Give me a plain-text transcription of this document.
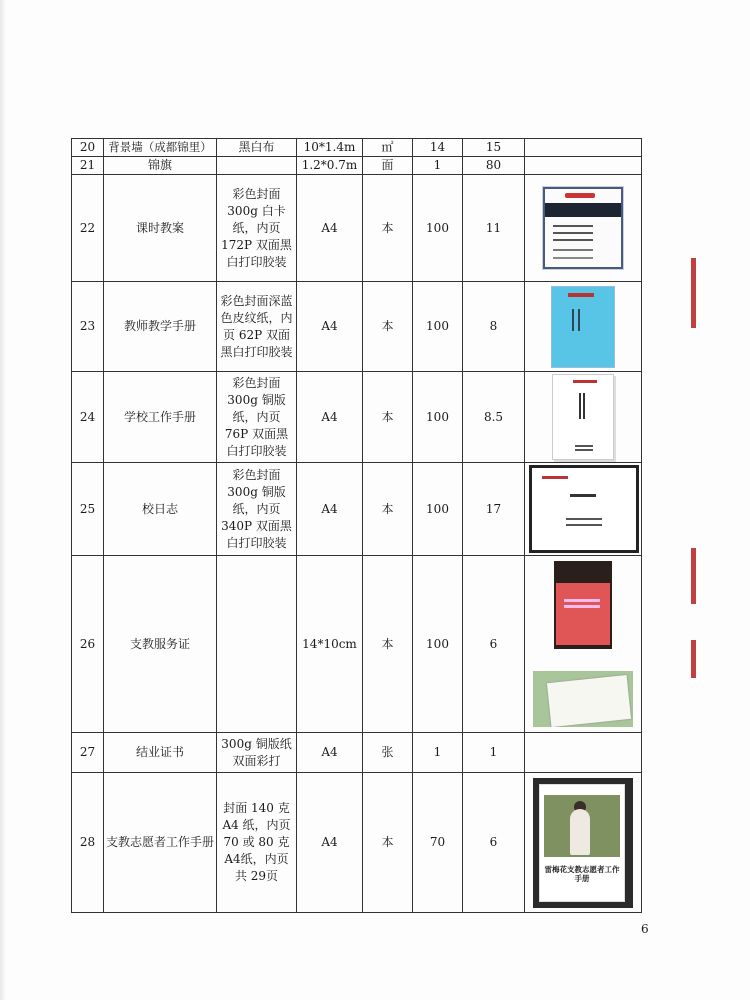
20	背景墙（成都锦里）	黑白布	10*1.4m	㎡	14	15	
21	锦旗		1.2*0.7m	面	1	80	
22	课时教案	彩色封面300g 白卡纸，内页 172P 双面黑白打印胶装	A4	本	100	11	

23	教师教学手册	彩色封面深蓝色皮纹纸，内页 62P 双面黑白打印胶装	A4	本	100	8	

24	学校工作手册	彩色封面300g 铜版纸，内页 76P 双面黑白打印胶装	A4	本	100	8.5	

25	校日志	彩色封面300g 铜版纸，内页 340P 双面黑白打印胶装	A4	本	100	17	

26	支教服务证		14*10cm	本	100	6	

27	结业证书	300g 铜版纸双面彩打	A4	张	1	1	
28	支教志愿者工作手册	封面 140 克A4 纸，内页70 或 80 克 A4纸，内页共 29页	A4	本	70	6	雷梅花支教志愿者工作手册
6
